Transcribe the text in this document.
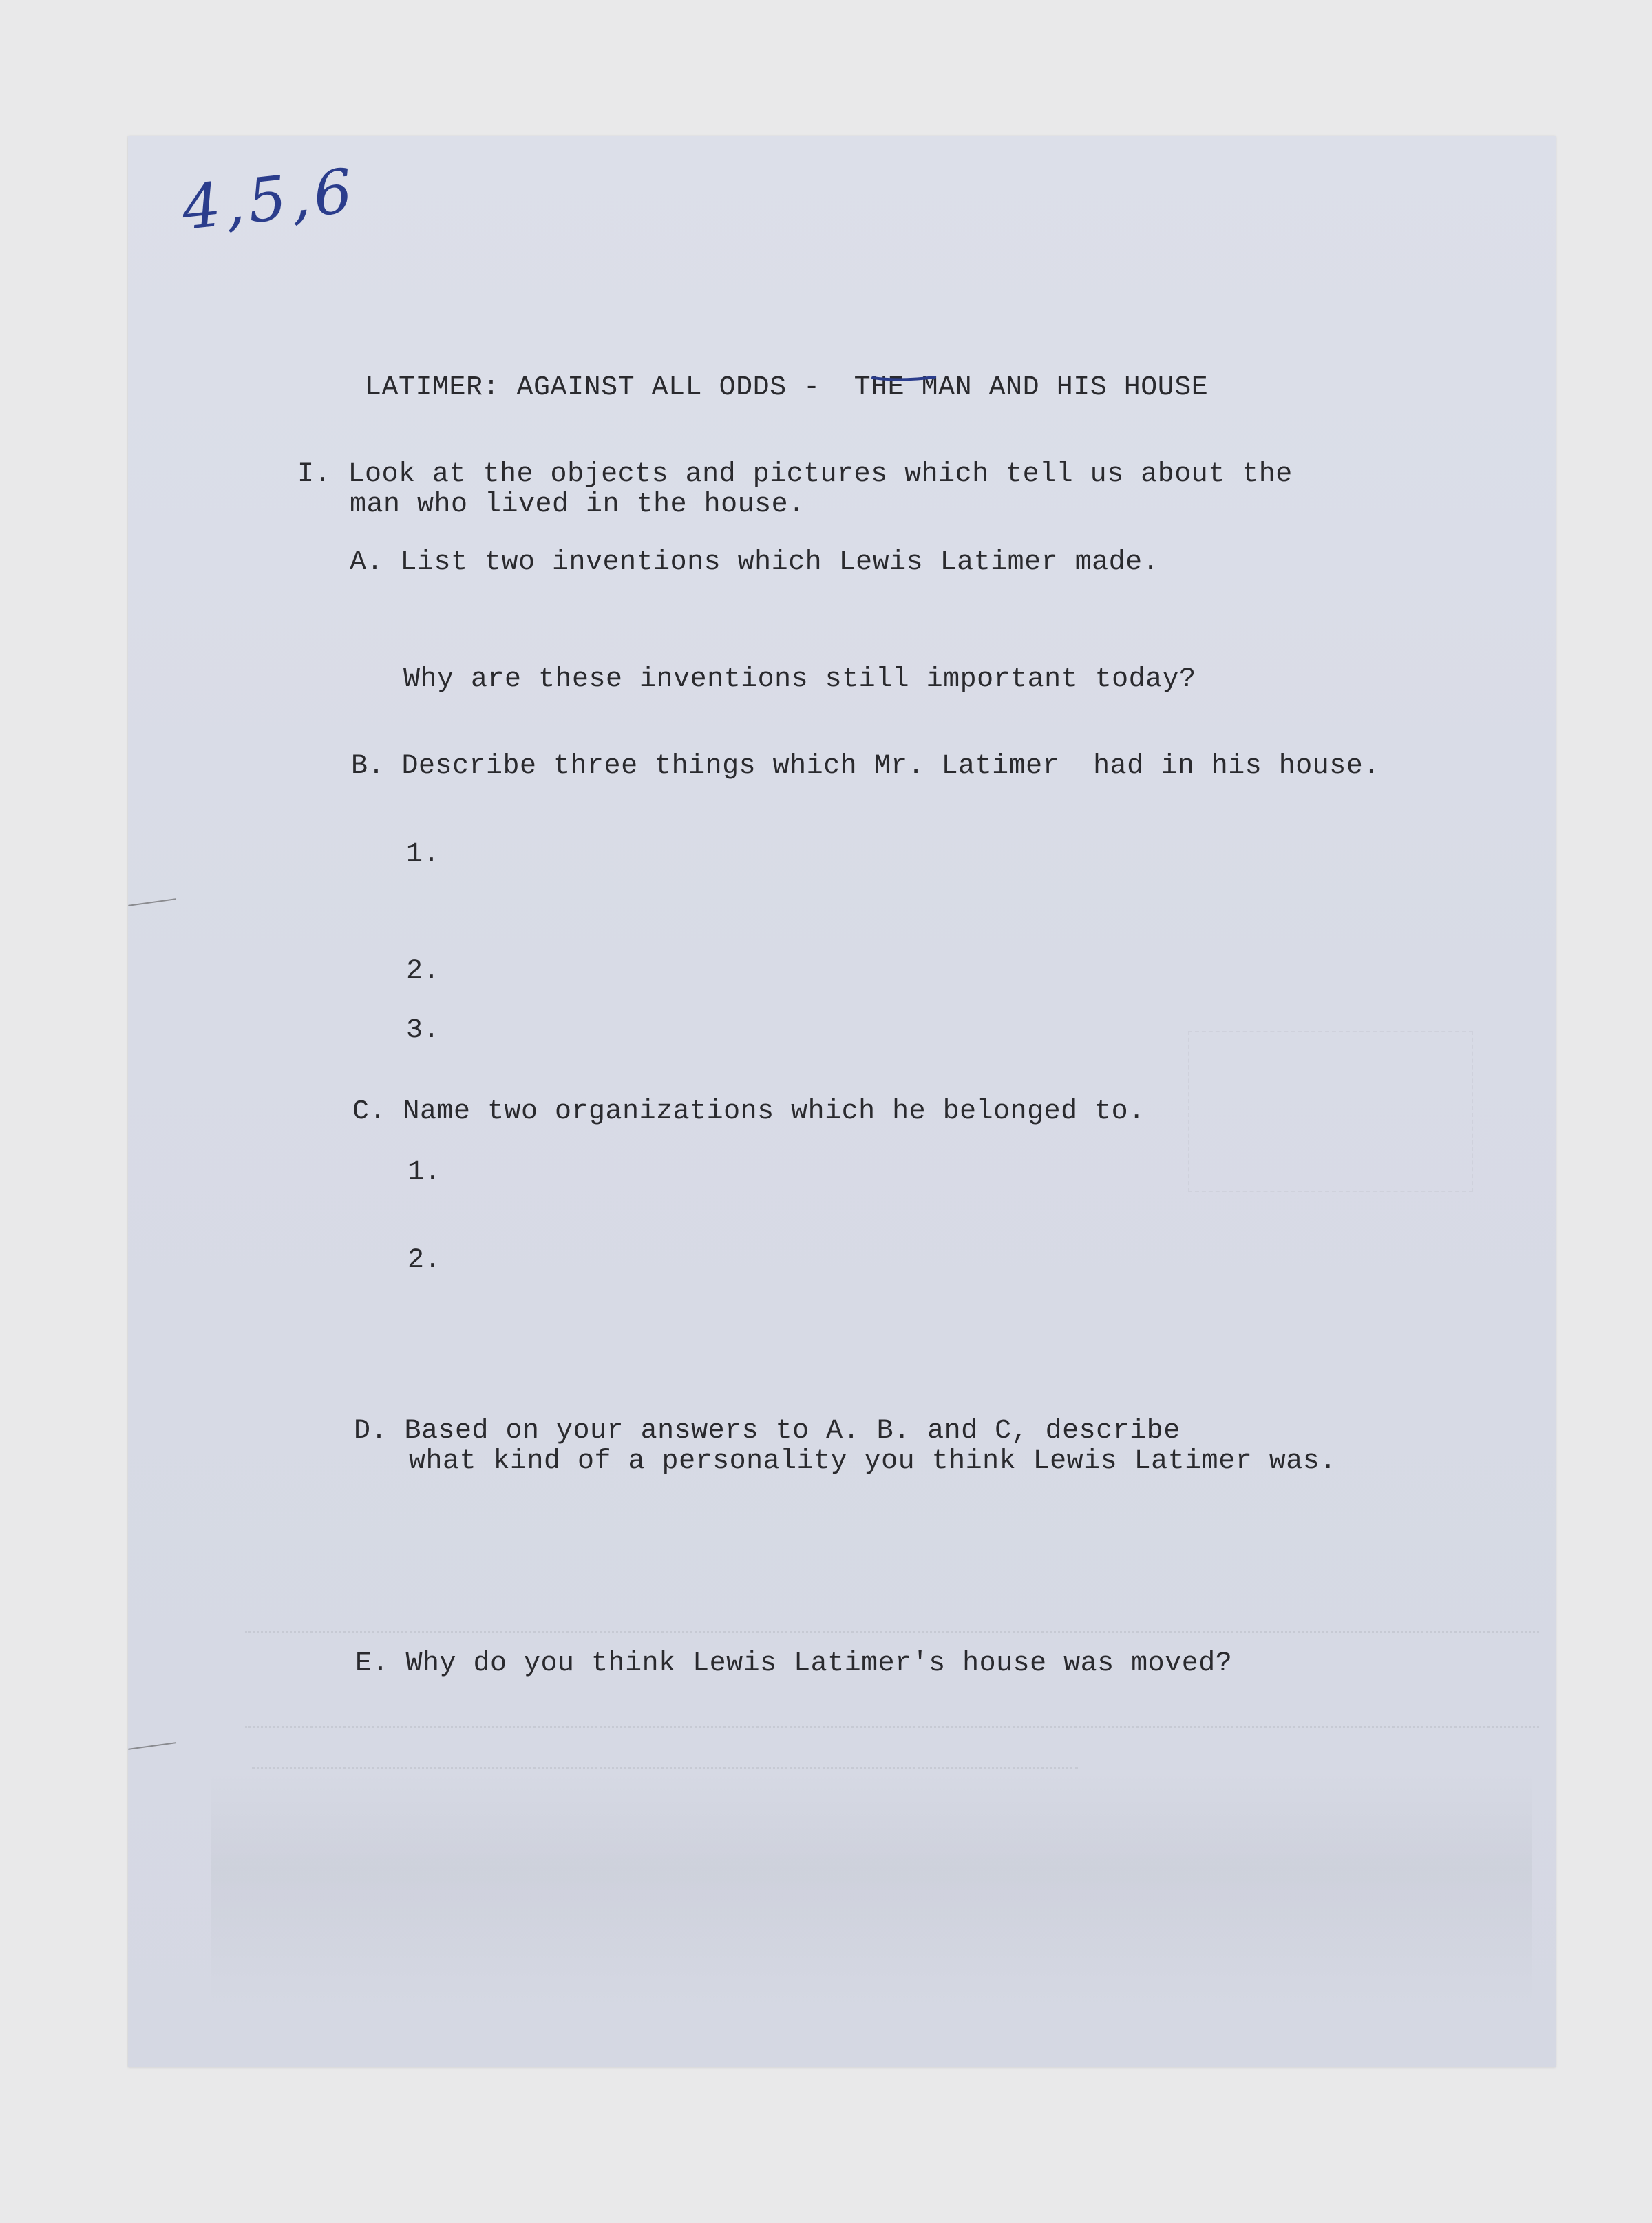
4,5,6

LATIMER: AGAINST ALL ODDS -  THE MAN AND HIS HOUSE

I. Look at the objects and pictures which tell us about the
man who lived in the house.
A. List two inventions which Lewis Latimer made.
Why are these inventions still important today?
B. Describe three things which Mr. Latimer  had in his house.
1.
2.
3.
C. Name two organizations which he belonged to.
1.
2.
D. Based on your answers to A. B. and C, describe
what kind of a personality you think Lewis Latimer was.
E. Why do you think Lewis Latimer's house was moved?
